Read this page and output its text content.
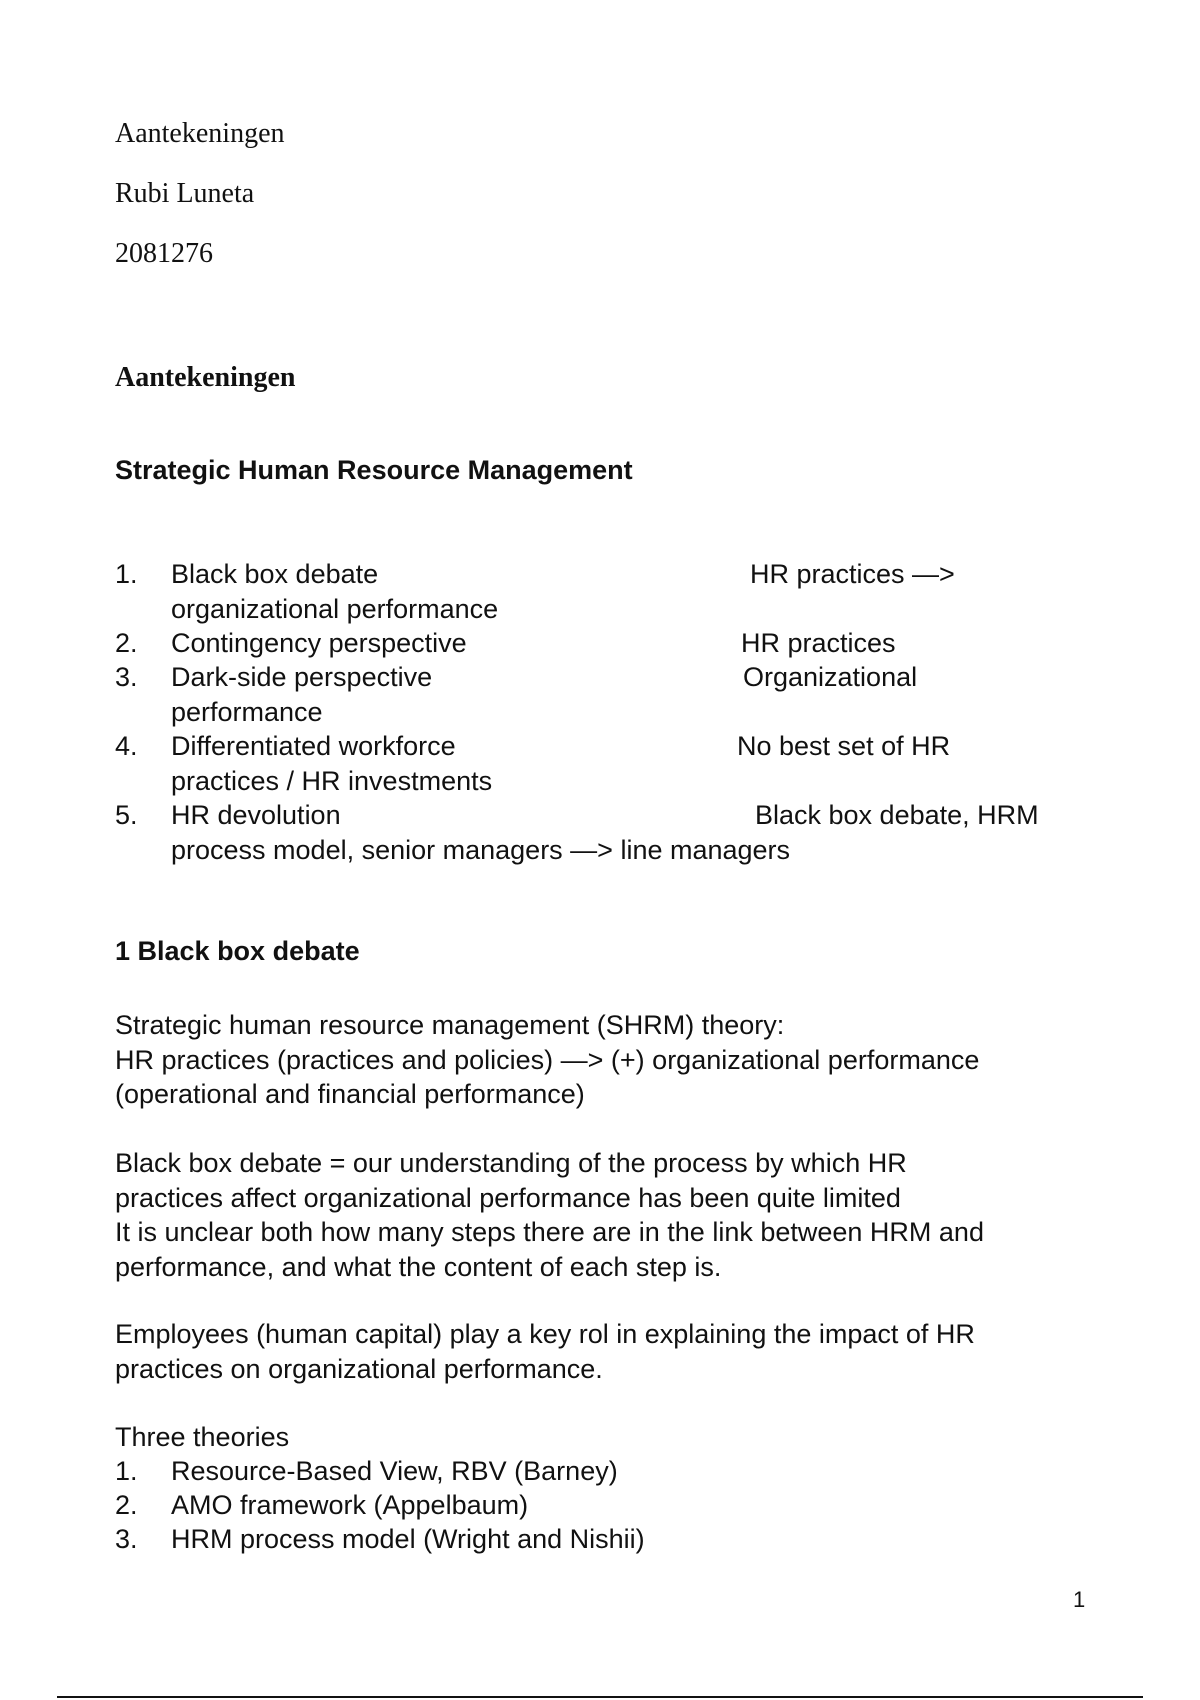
Aantekeningen

Rubi Luneta

2081276

Aantekeningen
Strategic Human Resource Management
1. Black box debate	HR practices —>
organizational performance
2. Contingency perspective	HR practices
3. Dark-side perspective	Organizational
performance
4. Differentiated workforce	No best set of HR
practices / HR investments
5. HR devolution	Black box debate, HRM
process model, senior managers —> line managers
1 Black box debate
Strategic human resource management (SHRM) theory:
HR practices (practices and policies) —> (+) organizational performance
(operational and financial performance)
Black box debate = our understanding of the process by which HR
practices affect organizational performance has been quite limited
It is unclear both how many steps there are in the link between HRM and
performance, and what the content of each step is.
Employees (human capital) play a key rol in explaining the impact of HR
practices on organizational performance.
Three theories
1. Resource-Based View, RBV (Barney)
2. AMO framework (Appelbaum)
3. HRM process model (Wright and Nishii)
1
